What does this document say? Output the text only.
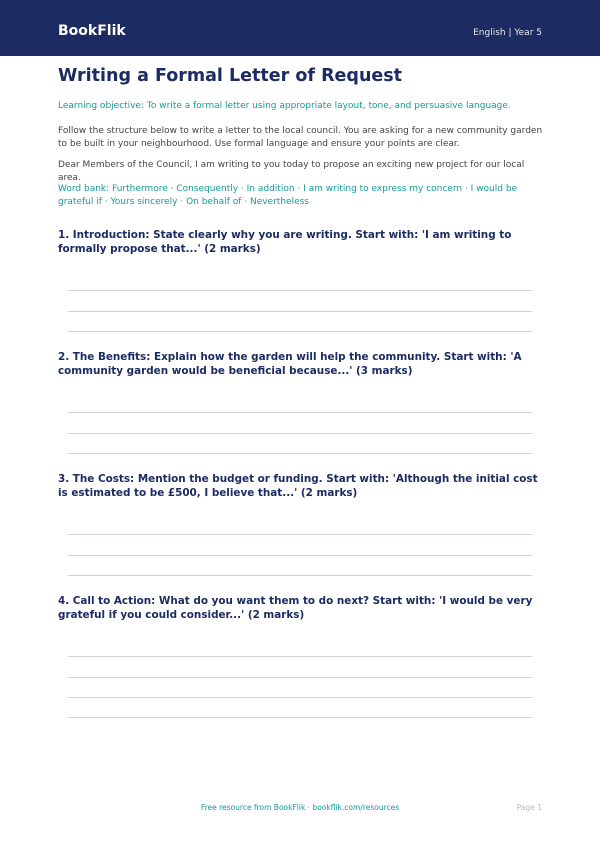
BookFlik	English | Year 5
Writing a Formal Letter of Request

Learning objective: To write a formal letter using appropriate layout, tone, and persuasive language.

Follow the structure below to write a letter to the local council. You are asking for a new community garden to be built in your neighbourhood. Use formal language and ensure your points are clear.

Dear Members of the Council, I am writing to you today to propose an exciting new project for our local area.

Word bank: Furthermore · Consequently · In addition · I am writing to express my concern · I would be grateful if · Yours sincerely · On behalf of · Nevertheless

1. Introduction: State clearly why you are writing. Start with: 'I am writing to formally propose that...' (2 marks)

2. The Benefits: Explain how the garden will help the community. Start with: 'A community garden would be beneficial because...' (3 marks)

3. The Costs: Mention the budget or funding. Start with: 'Although the initial cost is estimated to be £500, I believe that...' (2 marks)

4. Call to Action: What do you want them to do next? Start with: 'I would be very grateful if you could consider...' (2 marks)

Free resource from BookFlik · bookflik.com/resources	Page 1
